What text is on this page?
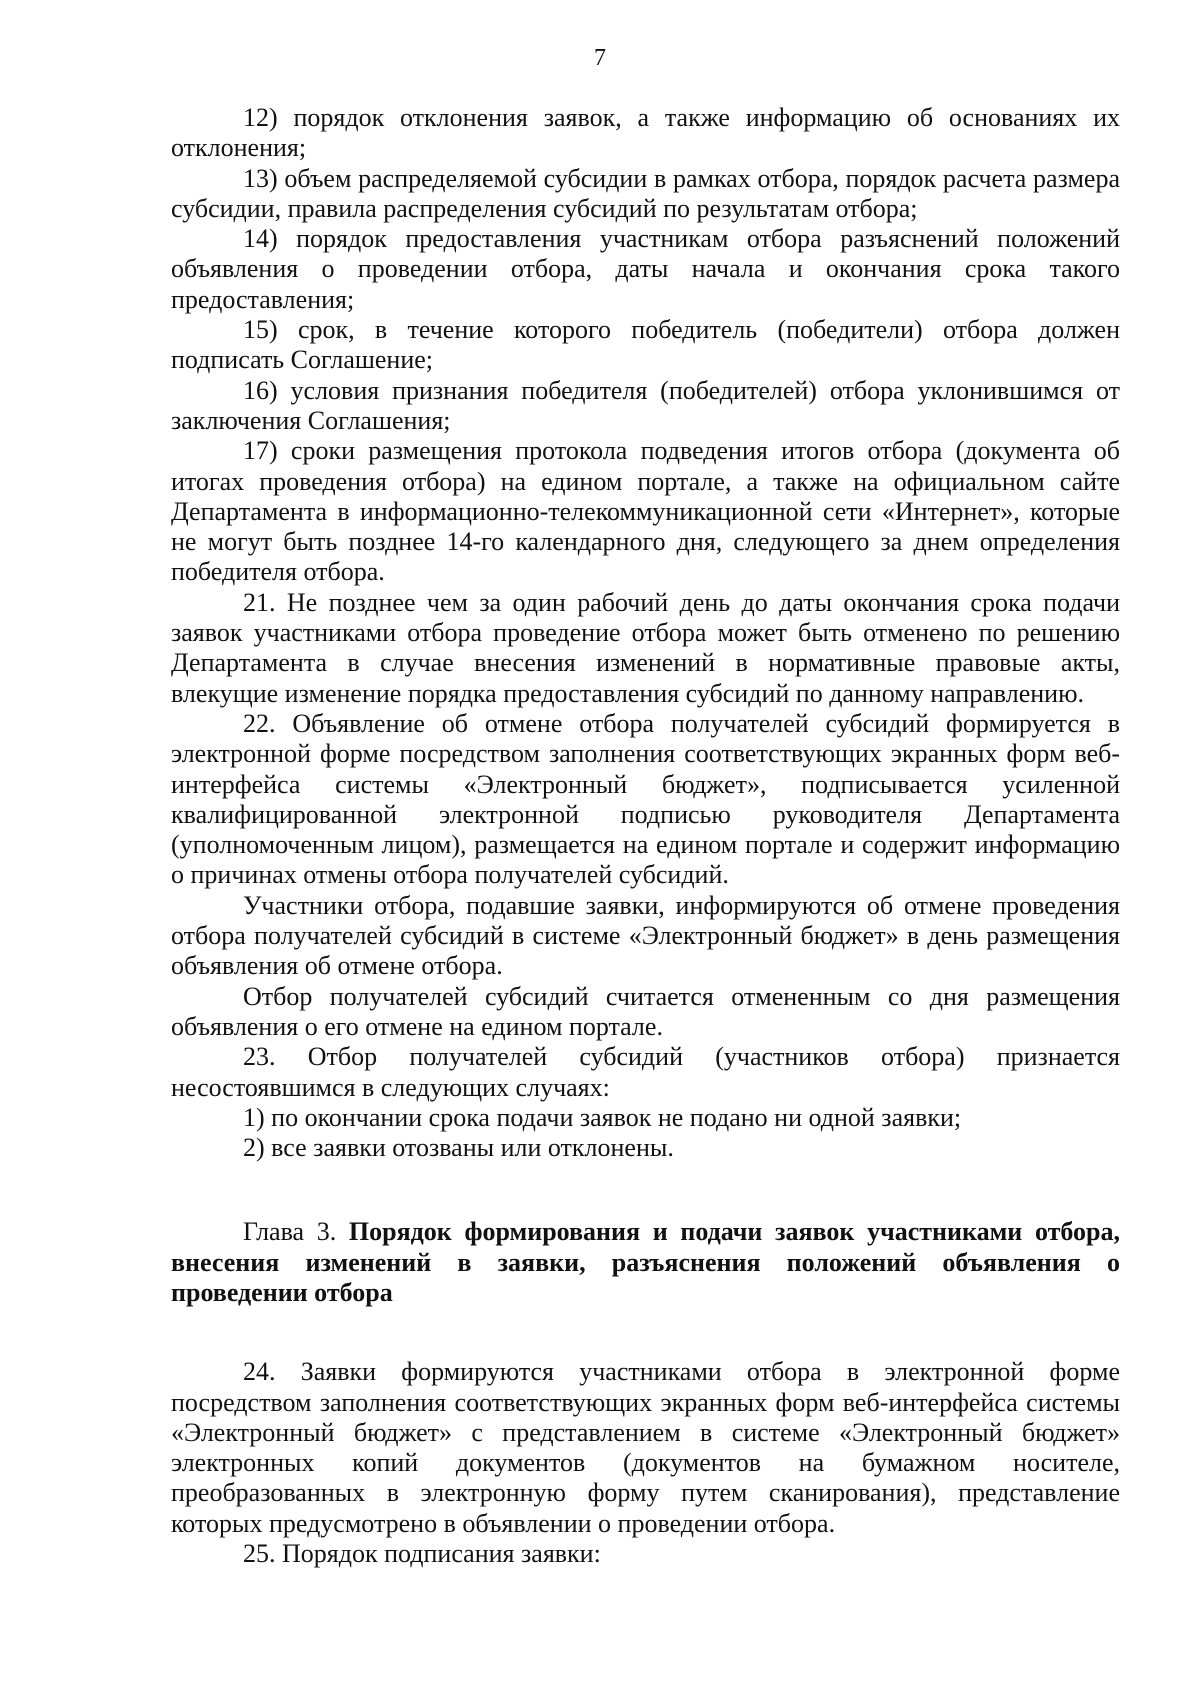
7

12) порядок отклонения заявок, а также информацию об основаниях их отклонения;

13) объем распределяемой субсидии в рамках отбора, порядок расчета размера субсидии, правила распределения субсидий по результатам отбора;

14) порядок предоставления участникам отбора разъяснений положений объявления о проведении отбора, даты начала и окончания срока такого предоставления;

15) срок, в течение которого победитель (победители) отбора должен подписать Соглашение;

16) условия признания победителя (победителей) отбора уклонившимся от заключения Соглашения;

17) сроки размещения протокола подведения итогов отбора (документа об итогах проведения отбора) на едином портале, а также на официальном сайте Департамента в информационно-телекоммуникационной сети «Интернет», которые не могут быть позднее 14-го календарного дня, следующего за днем определения победителя отбора.

21. Не позднее чем за один рабочий день до даты окончания срока подачи заявок участниками отбора проведение отбора может быть отменено по решению Департамента в случае внесения изменений в нормативные правовые акты, влекущие изменение порядка предоставления субсидий по данному направлению.

22. Объявление об отмене отбора получателей субсидий формируется в электронной форме посредством заполнения соответствующих экранных форм веб-интерфейса системы «Электронный бюджет», подписывается усиленной квалифицированной электронной подписью руководителя Департамента (уполномоченным лицом), размещается на едином портале и содержит информацию о причинах отмены отбора получателей субсидий.

Участники отбора, подавшие заявки, информируются об отмене проведения отбора получателей субсидий в системе «Электронный бюджет» в день размещения объявления об отмене отбора.

Отбор получателей субсидий считается отмененным со дня размещения объявления о его отмене на едином портале.

23. Отбор получателей субсидий (участников отбора) признается несостоявшимся в следующих случаях:

1) по окончании срока подачи заявок не подано ни одной заявки;

2) все заявки отозваны или отклонены.

Глава 3. Порядок формирования и подачи заявок участниками отбора, внесения изменений в заявки, разъяснения положений объявления о проведении отбора

24. Заявки формируются участниками отбора в электронной форме посредством заполнения соответствующих экранных форм веб-интерфейса системы «Электронный бюджет» с представлением в системе «Электронный бюджет» электронных копий документов (документов на бумажном носителе, преобразованных в электронную форму путем сканирования), представление которых предусмотрено в объявлении о проведении отбора.

25. Порядок подписания заявки:
